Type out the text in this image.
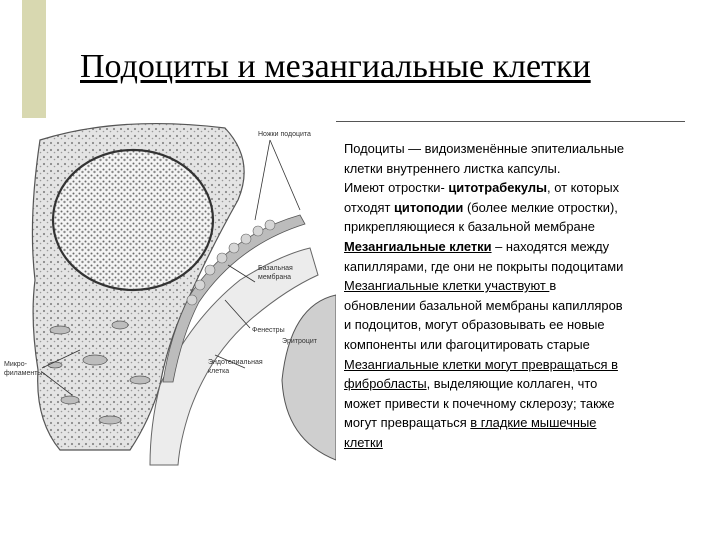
Подоциты и мезангиальные клетки
Ножки подоцита
Базальная
мембрана
Фенестры
Эндотелиальная
клетка
Эритроцит
Микро-
филаменты

Подоциты — видоизменённые эпителиальные

клетки внутреннего листка капсулы.

Имеют отростки- цитотрабекулы, от которых

отходят цитоподии (более мелкие отростки),

прикрепляющиеся к базальной мембране

Мезангиальные клетки – находятся между

капиллярами, где они не покрыты подоцитами

Мезангиальные клетки участвуют в

обновлении базальной мембраны капилляров

и подоцитов, могут образовывать ее новые

компоненты или фагоцитировать старые

Мезангиальные клетки могут превращаться в

фибробласты, выделяющие коллаген, что

может привести к почечному склерозу; также

могут превращаться в гладкие мышечные

клетки
